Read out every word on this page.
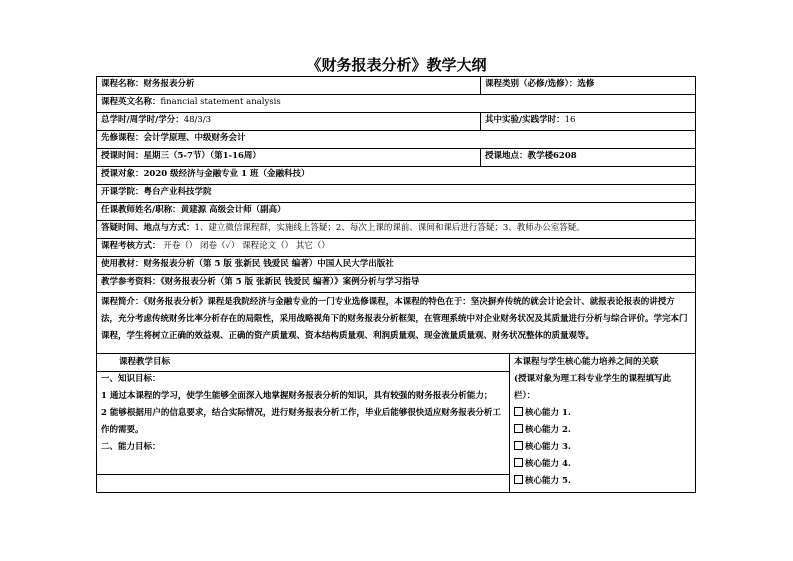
《财务报表分析》教学大纲
课程名称：财务报表分析	课程类别（必修/选修）：选修
课程英文名称：financial statement analysis
总学时/周学时/学分：48/3/3	其中实验/实践学时：16
先修课程：会计学原理、中级财务会计
授课时间：星期三（5-7节）（第1-16周）	授课地点：教学楼6208
授课对象：2020 级经济与金融专业 1 班（金融科技）
开课学院：粤台产业科技学院
任课教师姓名/职称：黄建源 高级会计师（副高）
答疑时间、地点与方式：1、建立微信课程群，实施线上答疑；2、每次上课的课前、课间和课后进行答疑；3、教师办公室答疑。
课程考核方式： 开卷（） 闭卷（✓） 课程论文（） 其它（）
使用教材：财务报表分析（第 5 版 张新民 钱爱民 编著）中国人民大学出版社
教学参考资料：《财务报表分析（第 5 版 张新民 钱爱民 编著）》案例分析与学习指导
课程简介：《财务报表分析》课程是我院经济与金融专业的一门专业选修课程，本课程的特色在于：坚决摒弃传统的就会计论会计、就报表论报表的讲授方法，充分考虑传统财务比率分析存在的局限性，采用战略视角下的财务报表分析框架，在管理系统中对企业财务状况及其质量进行分析与综合评价。学完本门课程，学生将树立正确的效益观、正确的资产质量观、资本结构质量观、利润质量观、现金流量质量观、财务状况整体的质量观等。
课程教学目标
一、知识目标：
1 通过本课程的学习，使学生能够全面深入地掌握财务报表分析的知识，具有较强的财务报表分析能力；
2 能够根据用户的信息要求，结合实际情况，进行财务报表分析工作，毕业后能够很快适应财务报表分析工作的需要。
二、能力目标：
本课程与学生核心能力培养之间的关联
(授课对象为理工科专业学生的课程填写此栏）：
核心能力 1.
核心能力 2.
核心能力 3.
核心能力 4.
核心能力 5.
